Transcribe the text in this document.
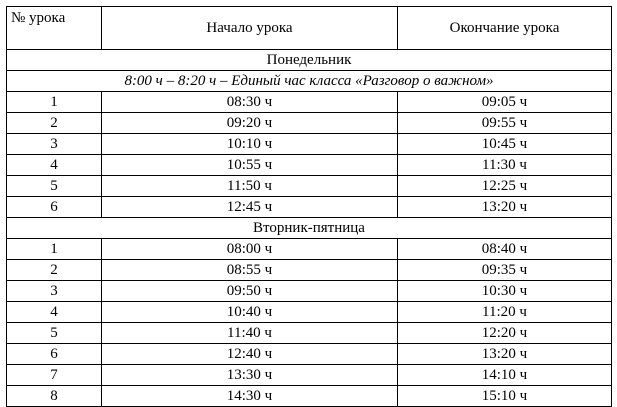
№ урока	Начало урока	Окончание урока
Понедельник		
8:00 ч – 8:20 ч – Единый час класса «Разговор о важном»		
1	08:30 ч	09:05 ч
2	09:20 ч	09:55 ч
3	10:10 ч	10:45 ч
4	10:55 ч	11:30 ч
5	11:50 ч	12:25 ч
6	12:45 ч	13:20 ч
Вторник-пятница		
1	08:00 ч	08:40 ч
2	08:55 ч	09:35 ч
3	09:50 ч	10:30 ч
4	10:40 ч	11:20 ч
5	11:40 ч	12:20 ч
6	12:40 ч	13:20 ч
7	13:30 ч	14:10 ч
8	14:30 ч	15:10 ч
